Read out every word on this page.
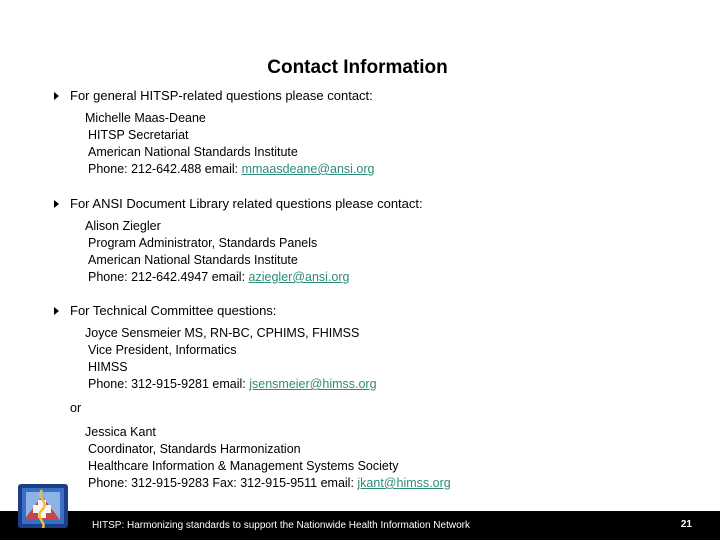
Contact Information
For general HITSP-related questions please contact:
Michelle Maas-Deane
HITSP Secretariat
American National Standards Institute
Phone: 212-642.488 email: mmaasdeane@ansi.org
For ANSI Document Library related questions please contact:
Alison Ziegler
Program Administrator, Standards Panels
American National Standards Institute
Phone: 212-642.4947 email: aziegler@ansi.org
For Technical Committee questions:
Joyce Sensmeier MS, RN-BC, CPHIMS, FHIMSS
Vice President, Informatics
HIMSS
Phone: 312-915-9281 email: jsensmeier@himss.org
or
Jessica Kant
Coordinator, Standards Harmonization
Healthcare Information & Management Systems Society
Phone: 312-915-9283 Fax: 312-915-9511 email: jkant@himss.org
HITSP: Harmonizing standards to support the Nationwide Health Information Network	21
